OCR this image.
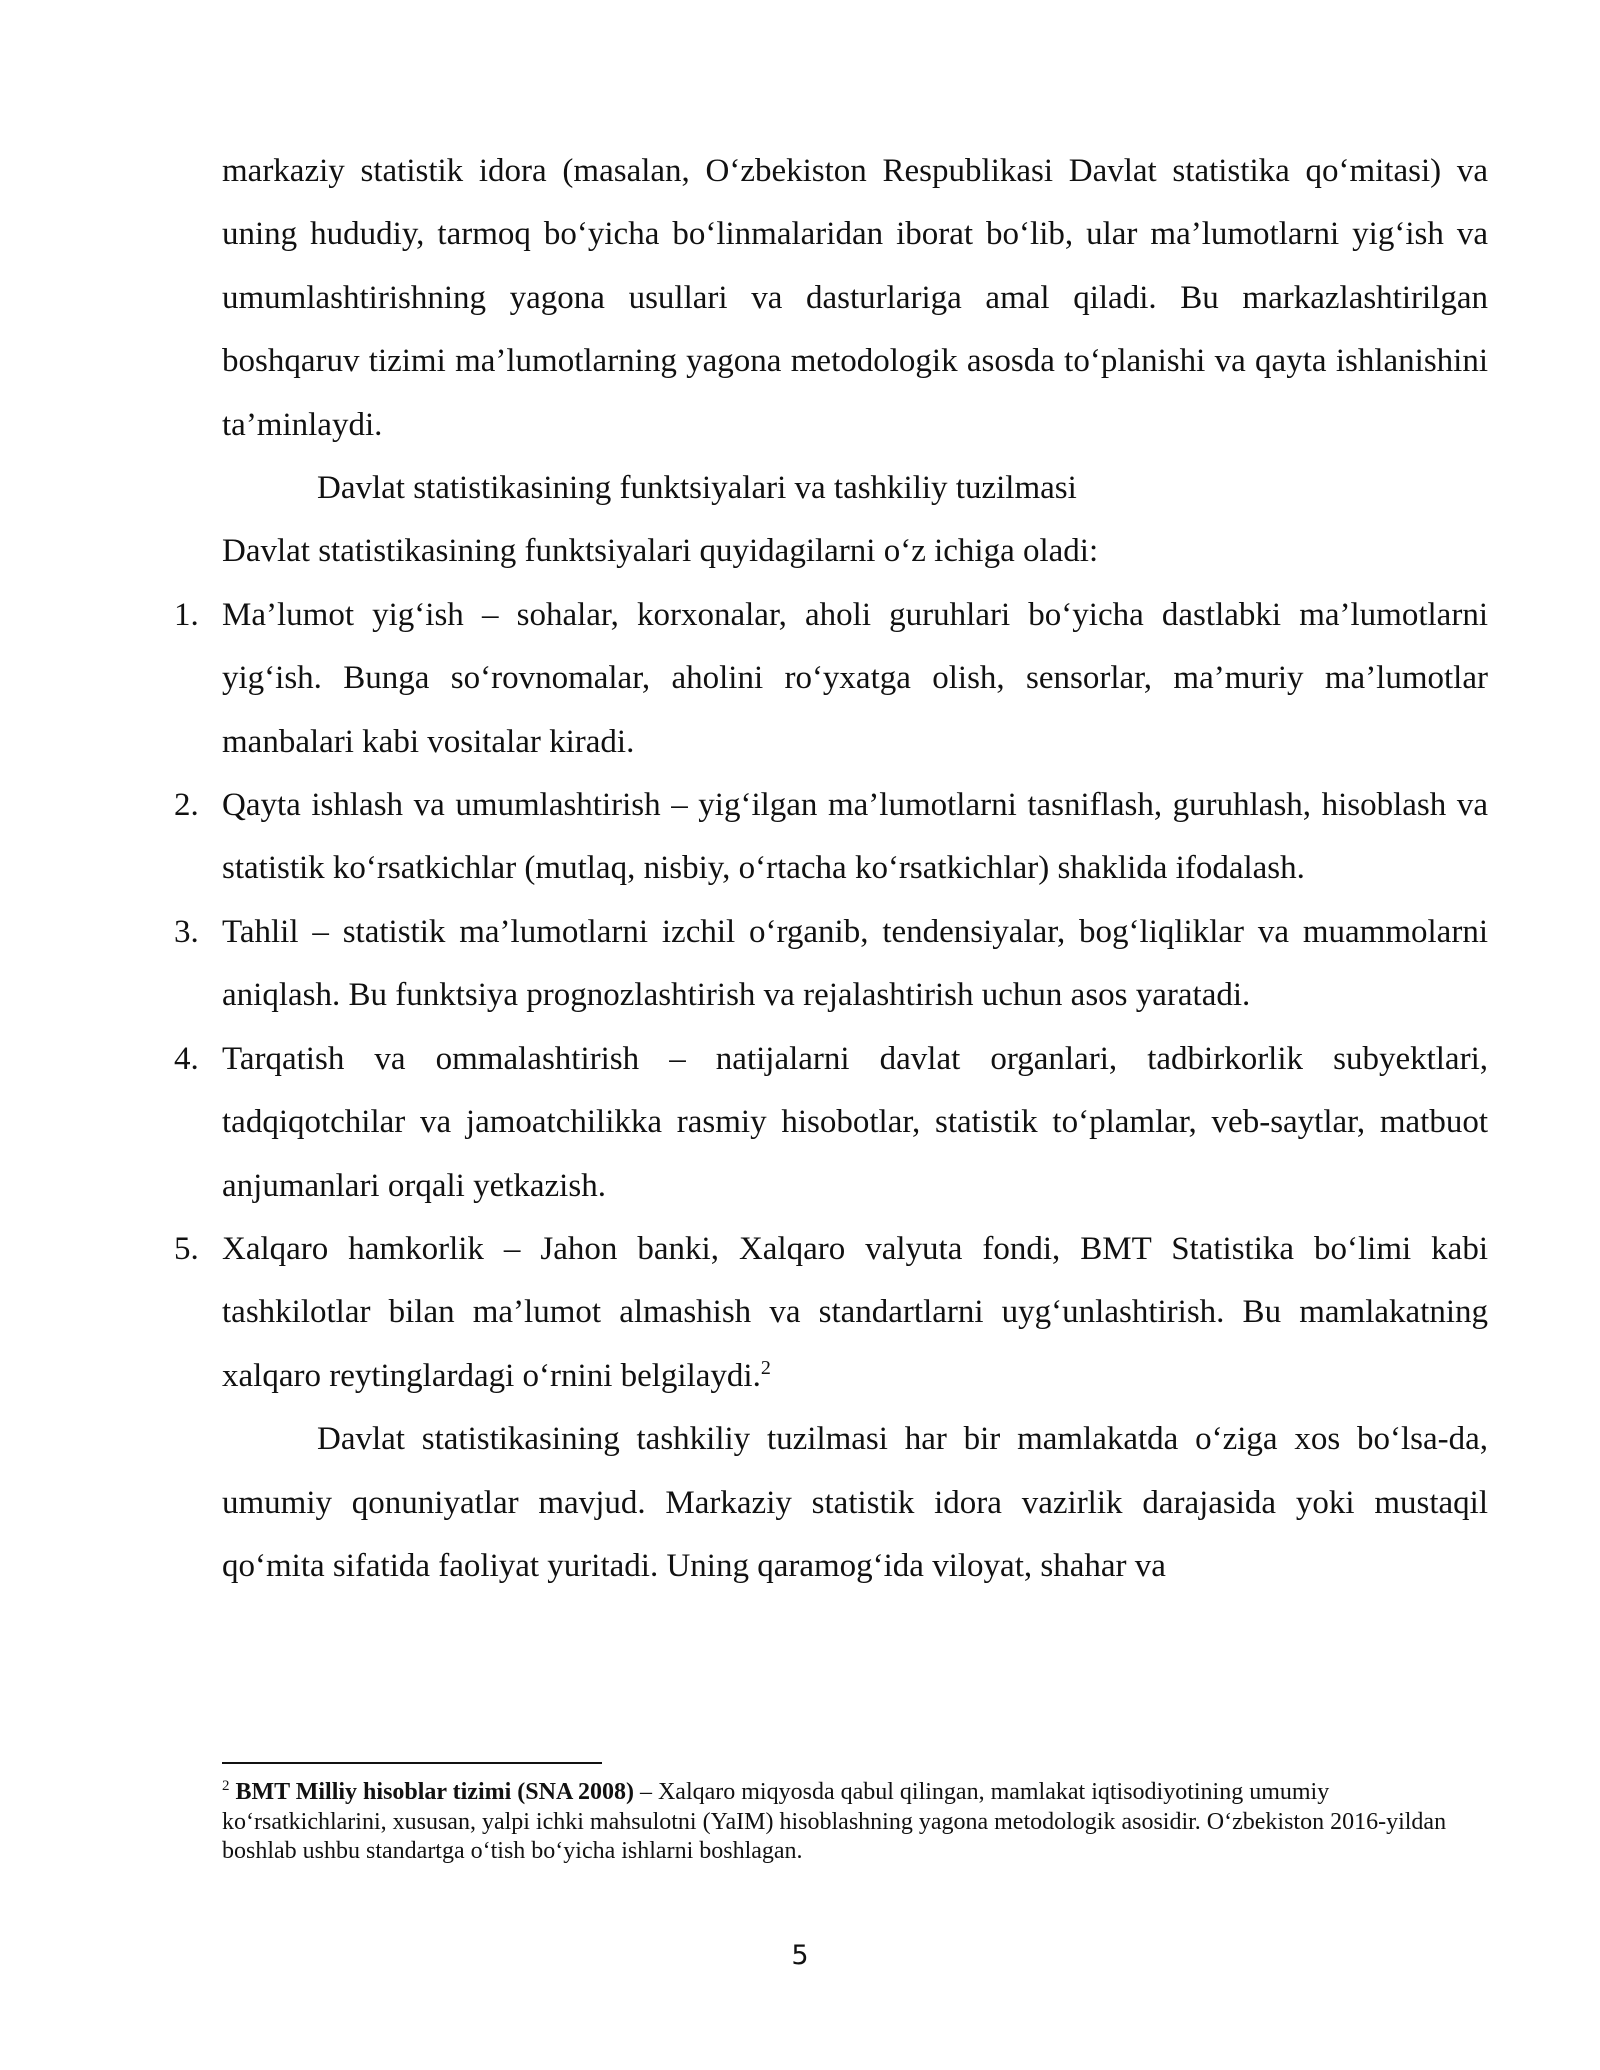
markaziy statistik idora (masalan, O‘zbekiston Respublikasi Davlat statistika qo‘mitasi) va uning hududiy, tarmoq bo‘yicha bo‘linmalaridan iborat bo‘lib, ular ma’lumotlarni yig‘ish va umumlashtirishning yagona usullari va dasturlariga amal qiladi. Bu markazlashtirilgan boshqaruv tizimi ma’lumotlarning yagona metodologik asosda to‘planishi va qayta ishlanishini ta’minlaydi.

Davlat statistikasining funktsiyalari va tashkiliy tuzilmasi

Davlat statistikasining funktsiyalari quyidagilarni o‘z ichiga oladi:

1. Ma’lumot yig‘ish – sohalar, korxonalar, aholi guruhlari bo‘yicha dastlabki ma’lumotlarni yig‘ish. Bunga so‘rovnomalar, aholini ro‘yxatga olish, sensorlar, ma’muriy ma’lumotlar manbalari kabi vositalar kiradi.
2. Qayta ishlash va umumlashtirish – yig‘ilgan ma’lumotlarni tasniflash, guruhlash, hisoblash va statistik ko‘rsatkichlar (mutlaq, nisbiy, o‘rtacha ko‘rsatkichlar) shaklida ifodalash.
3. Tahlil – statistik ma’lumotlarni izchil o‘rganib, tendensiyalar, bog‘liqliklar va muammolarni aniqlash. Bu funktsiya prognozlashtirish va rejalashtirish uchun asos yaratadi.
4. Tarqatish va ommalashtirish – natijalarni davlat organlari, tadbirkorlik subyektlari, tadqiqotchilar va jamoatchilikka rasmiy hisobotlar, statistik to‘plamlar, veb-saytlar, matbuot anjumanlari orqali yetkazish.
5. Xalqaro hamkorlik – Jahon banki, Xalqaro valyuta fondi, BMT Statistika bo‘limi kabi tashkilotlar bilan ma’lumot almashish va standartlarni uyg‘unlashtirish. Bu mamlakatning xalqaro reytinglardagi o‘rnini belgilaydi.$^2$

Davlat statistikasining tashkiliy tuzilmasi har bir mamlakatda o‘ziga xos bo‘lsa-da, umumiy qonuniyatlar mavjud. Markaziy statistik idora vazirlik darajasida yoki mustaqil qo‘mita sifatida faoliyat yuritadi. Uning qaramog‘ida viloyat, shahar va

$^2$ BMT Milliy hisoblar tizimi (SNA 2008) – Xalqaro miqyosda qabul qilingan, mamlakat iqtisodiyotining umumiy ko‘rsatkichlarini, xususan, yalpi ichki mahsulotni (YaIM) hisoblashning yagona metodologik asosidir. O‘zbekiston 2016-yildan boshlab ushbu standartga o‘tish bo‘yicha ishlarni boshlagan.

5
